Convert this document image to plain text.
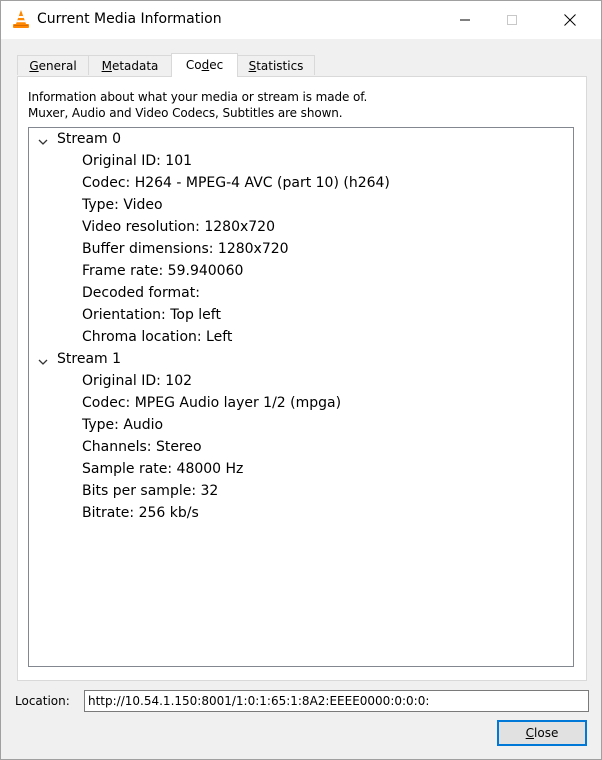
Current Media Information
General	Metadata	Codec	Statistics
Information about what your media or stream is made of.
Muxer, Audio and Video Codecs, Subtitles are shown.
Stream 0
Original ID: 101
Codec: H264 - MPEG-4 AVC (part 10) (h264)
Type: Video
Video resolution: 1280x720
Buffer dimensions: 1280x720
Frame rate: 59.940060
Decoded format:
Orientation: Top left
Chroma location: Left
Stream 1
Original ID: 102
Codec: MPEG Audio layer 1/2 (mpga)
Type: Audio
Channels: Stereo
Sample rate: 48000 Hz
Bits per sample: 32
Bitrate: 256 kb/s
Location:	http://10.54.1.150:8001/1:0:1:65:1:8A2:EEEE0000:0:0:0:
Close
